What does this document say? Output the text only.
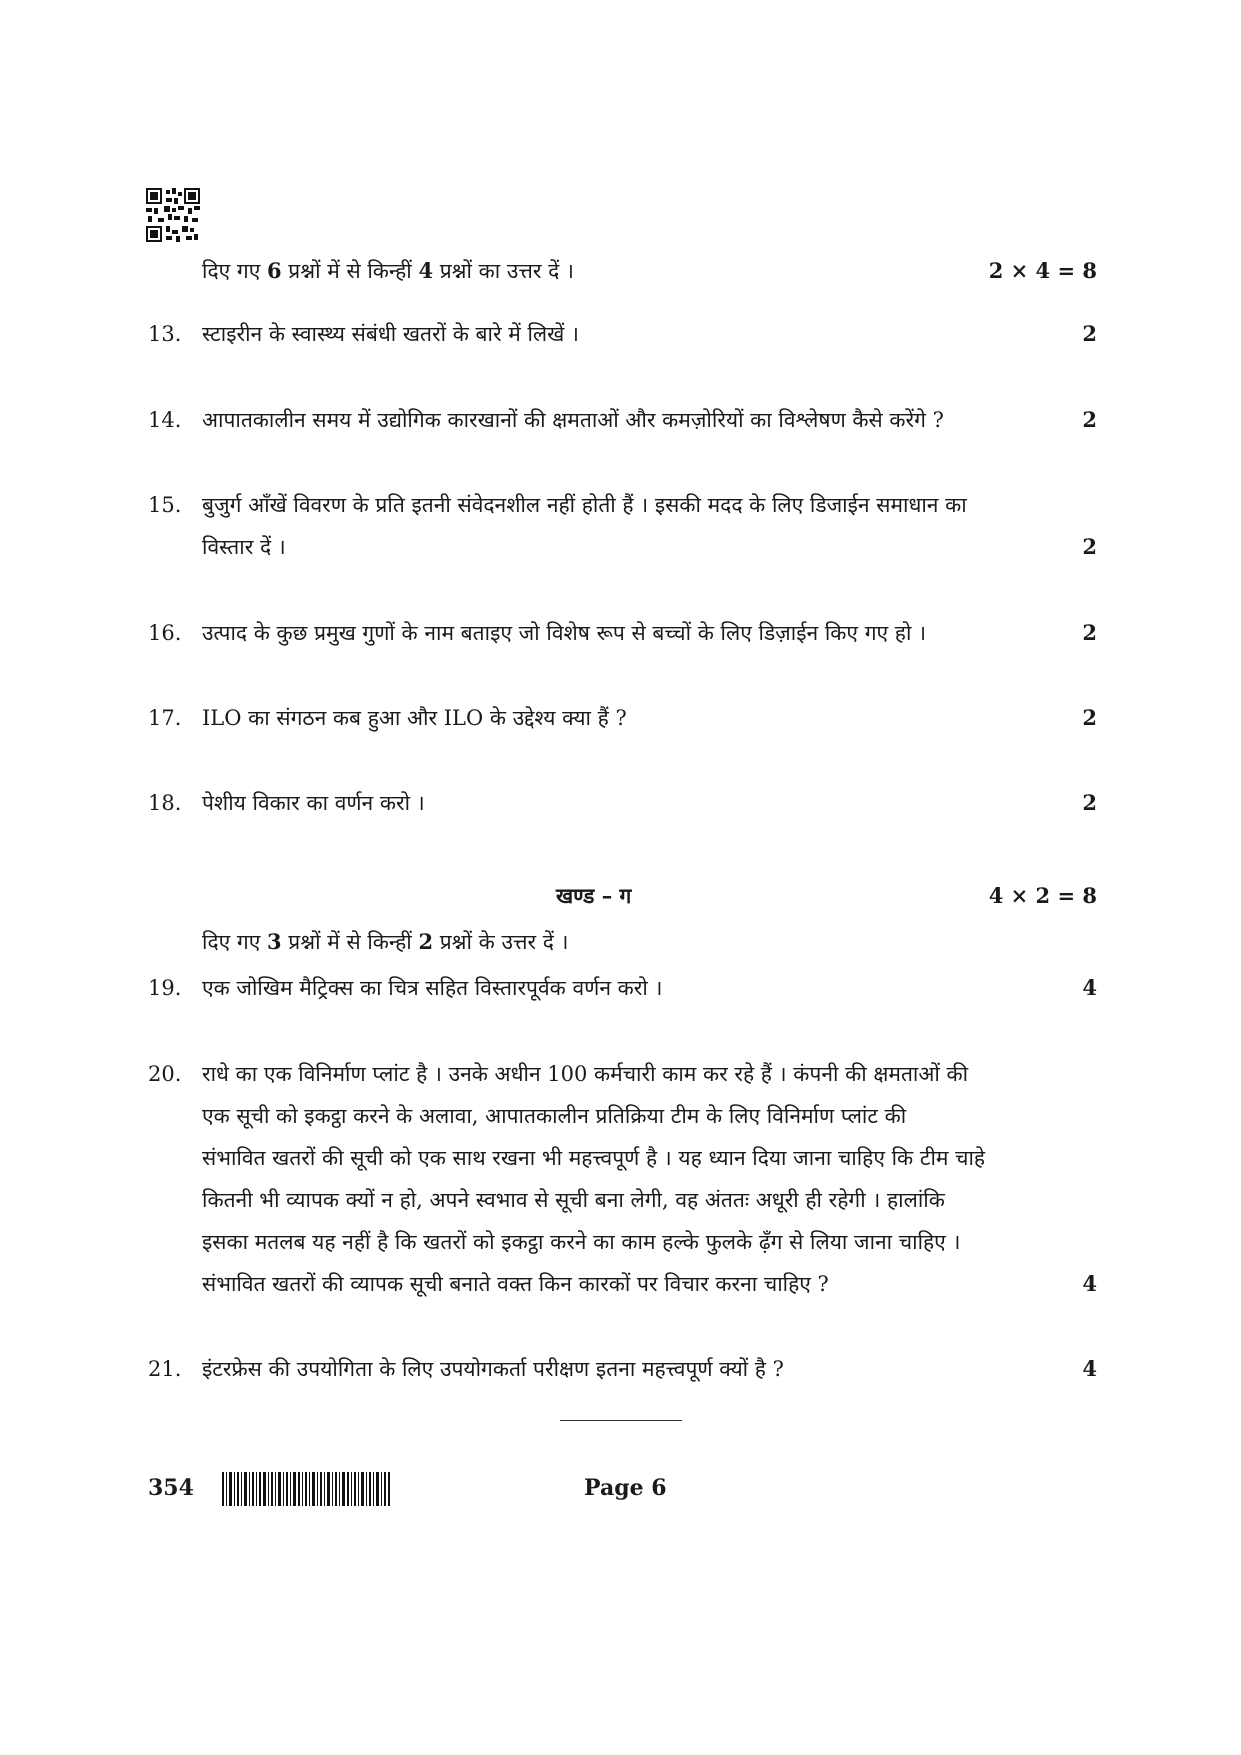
दिए गए 6 प्रश्नों में से किन्हीं 4 प्रश्नों का उत्तर दें ।	2 × 4 = 8
13. स्टाइरीन के स्वास्थ्य संबंधी खतरों के बारे में लिखें ।	2
14. आपातकालीन समय में उद्योगिक कारखानों की क्षमताओं और कमज़ोरियों का विश्लेषण कैसे करेंगे ?	2
15. बुजुर्ग आँखें विवरण के प्रति इतनी संवेदनशील नहीं होती हैं । इसकी मदद के लिए डिजाईन समाधान का
विस्तार दें ।	2
16. उत्पाद के कुछ प्रमुख गुणों के नाम बताइए जो विशेष रूप से बच्चों के लिए डिज़ाईन किए गए हो ।	2
17. ILO का संगठन कब हुआ और ILO के उद्देश्य क्या हैं ?	2
18. पेशीय विकार का वर्णन करो ।	2
खण्ड – ग	4 × 2 = 8
दिए गए 3 प्रश्नों में से किन्हीं 2 प्रश्नों के उत्तर दें ।
19. एक जोखिम मैट्रिक्स का चित्र सहित विस्तारपूर्वक वर्णन करो ।	4
20. राधे का एक विनिर्माण प्लांट है । उनके अधीन 100 कर्मचारी काम कर रहे हैं । कंपनी की क्षमताओं की
एक सूची को इकट्ठा करने के अलावा, आपातकालीन प्रतिक्रिया टीम के लिए विनिर्माण प्लांट की
संभावित खतरों की सूची को एक साथ रखना भी महत्त्वपूर्ण है । यह ध्यान दिया जाना चाहिए कि टीम चाहे
कितनी भी व्यापक क्यों न हो, अपने स्वभाव से सूची बना लेगी, वह अंततः अधूरी ही रहेगी । हालांकि
इसका मतलब यह नहीं है कि खतरों को इकट्ठा करने का काम हल्के फुलके ढ़ँग से लिया जाना चाहिए ।
संभावित खतरों की व्यापक सूची बनाते वक्त किन कारकों पर विचार करना चाहिए ?	4
21. इंटरफ्रेस की उपयोगिता के लिए उपयोगकर्ता परीक्षण इतना महत्त्वपूर्ण क्यों है ?	4
354	Page 6
